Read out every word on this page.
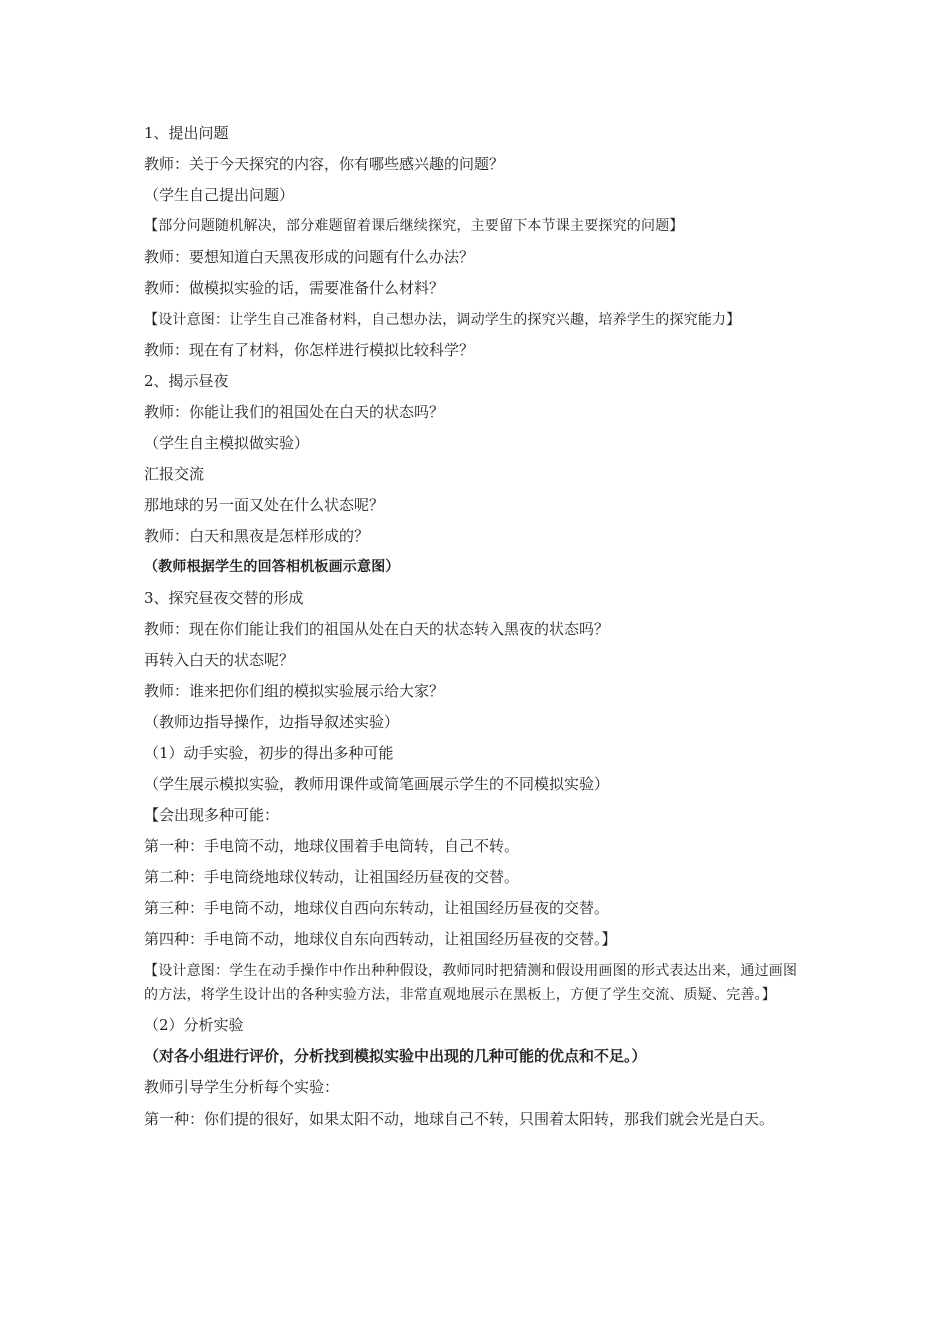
1、提出问题

教师：关于今天探究的内容，你有哪些感兴趣的问题？

（学生自己提出问题）

【部分问题随机解决，部分难题留着课后继续探究，主要留下本节课主要探究的问题】

教师：要想知道白天黑夜形成的问题有什么办法？

教师：做模拟实验的话，需要准备什么材料？

【设计意图：让学生自己准备材料，自己想办法，调动学生的探究兴趣，培养学生的探究能力】

教师：现在有了材料，你怎样进行模拟比较科学？

2、揭示昼夜

教师：你能让我们的祖国处在白天的状态吗？

（学生自主模拟做实验）

汇报交流

那地球的另一面又处在什么状态呢？

教师：白天和黑夜是怎样形成的？

（教师根据学生的回答相机板画示意图）

3、探究昼夜交替的形成

教师：现在你们能让我们的祖国从处在白天的状态转入黑夜的状态吗？

再转入白天的状态呢？

教师：谁来把你们组的模拟实验展示给大家？

（教师边指导操作，边指导叙述实验）

（1）动手实验，初步的得出多种可能

（学生展示模拟实验，教师用课件或简笔画展示学生的不同模拟实验）

【会出现多种可能：

第一种：手电筒不动，地球仪围着手电筒转，自己不转。

第二种：手电筒绕地球仪转动，让祖国经历昼夜的交替。

第三种：手电筒不动，地球仪自西向东转动，让祖国经历昼夜的交替。

第四种：手电筒不动，地球仪自东向西转动，让祖国经历昼夜的交替。】

【设计意图：学生在动手操作中作出种种假设，教师同时把猜测和假设用画图的形式表达出来，通过画图的方法，将学生设计出的各种实验方法，非常直观地展示在黑板上，方便了学生交流、质疑、完善。】

（2）分析实验

（对各小组进行评价，分析找到模拟实验中出现的几种可能的优点和不足。）

教师引导学生分析每个实验：

第一种：你们提的很好，如果太阳不动，地球自己不转，只围着太阳转，那我们就会光是白天。
